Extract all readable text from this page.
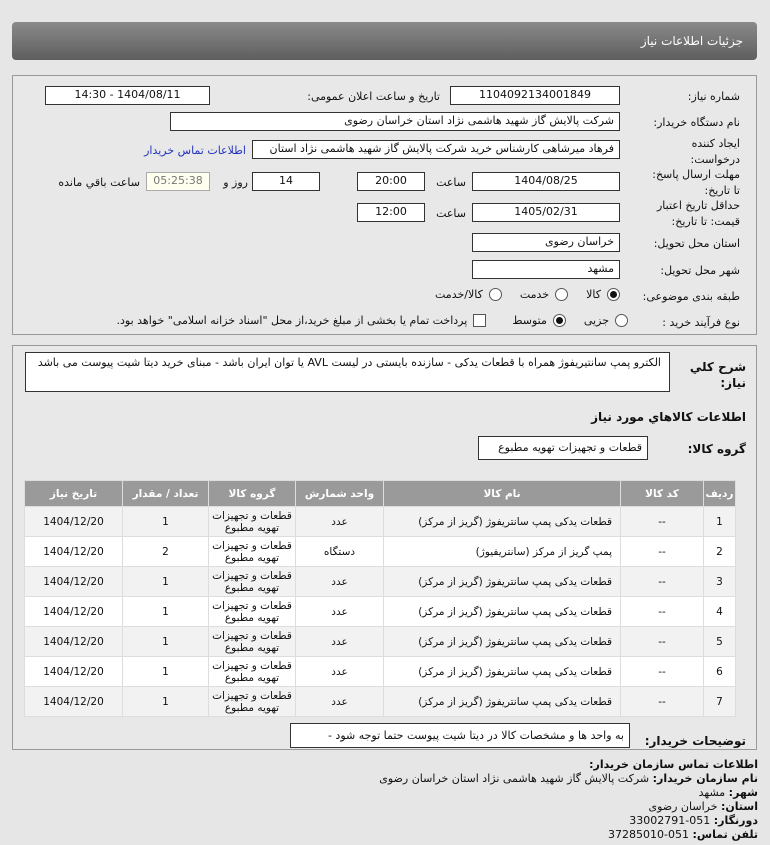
جزئیات اطلاعات نیاز
شماره نیاز:
1104092134001849
تاریخ و ساعت اعلان عمومی:
1404/08/11 - 14:30
نام دستگاه خریدار:
شرکت پالایش گاز شهید هاشمی نژاد استان خراسان رضوی
ایجاد کننده
درخواست:
فرهاد میرشاهی کارشناس خرید شرکت پالایش گاز شهید هاشمی نژاد استان
اطلاعات تماس خریدار
مهلت ارسال پاسخ:
تا تاریخ:
1404/08/25
ساعت
20:00
14
روز و
05:25:38
ساعت باقي مانده
حداقل تاریخ اعتبار
قیمت: تا تاریخ:
1405/02/31
ساعت
12:00
استان محل تحویل:
خراسان رضوی
شهر محل تحویل:
مشهد
طبقه بندی موضوعی:
کالا
خدمت
کالا/خدمت
نوع فرآیند خرید :
جزیی
متوسط
پرداخت تمام یا بخشی از مبلغ خرید،از محل "اسناد خزانه اسلامی" خواهد بود.
شرح کلي
نیاز:
الکترو پمپ سانتیریفوژ همراه با قطعات یدکی - سازنده بایستی در لیست AVL یا توان ایران باشد - مبنای خرید دیتا شیت پیوست می باشد
اطلاعات کالاهاي مورد نیاز
گروه کالا:
قطعات و تجهیزات تهویه مطبوع
ردیف	کد کالا	نام کالا	واحد شمارش	گروه کالا	تعداد / مقدار	تاریخ نیاز
1	--	قطعات یدکی پمپ سانتریفوژ (گریز از مرکز)	عدد	قطعات و تجهیزات تهویه مطبوع	1	1404/12/20
2	--	پمپ گریز از مرکز (سانتریفیوژ)	دستگاه	قطعات و تجهیزات تهویه مطبوع	2	1404/12/20
3	--	قطعات یدکی پمپ سانتریفوژ (گریز از مرکز)	عدد	قطعات و تجهیزات تهویه مطبوع	1	1404/12/20
4	--	قطعات یدکی پمپ سانتریفوژ (گریز از مرکز)	عدد	قطعات و تجهیزات تهویه مطبوع	1	1404/12/20
5	--	قطعات یدکی پمپ سانتریفوژ (گریز از مرکز)	عدد	قطعات و تجهیزات تهویه مطبوع	1	1404/12/20
6	--	قطعات یدکی پمپ سانتریفوژ (گریز از مرکز)	عدد	قطعات و تجهیزات تهویه مطبوع	1	1404/12/20
7	--	قطعات یدکی پمپ سانتریفوژ (گریز از مرکز)	عدد	قطعات و تجهیزات تهویه مطبوع	1	1404/12/20
توضیحات خریدار:
به واحد ها و مشخصات کالا در دیتا شیت پیوست حتما توجه شود -
اطلاعات تماس سازمان خریدار:
نام سازمان خریدار: شرکت پالایش گاز شهید هاشمی نژاد استان خراسان رضوی
شهر: مشهد
استان: خراسان رضوی
دورنگار: 051-33002791
تلفن تماس: 051-37285010
